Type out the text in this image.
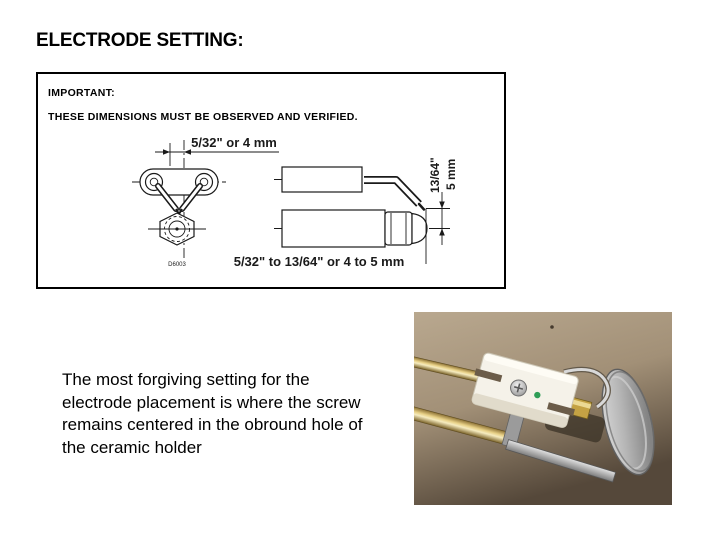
ELECTRODE SETTING:
IMPORTANT:
THESE DIMENSIONS MUST BE OBSERVED AND VERIFIED.
D6003
5/32" or 4 mm
13/64" 5 mm
5/32" to 13/64" or 4 to 5 mm
The most forgiving setting for the
electrode placement is where the screw
remains centered in the obround hole of
the ceramic holder
